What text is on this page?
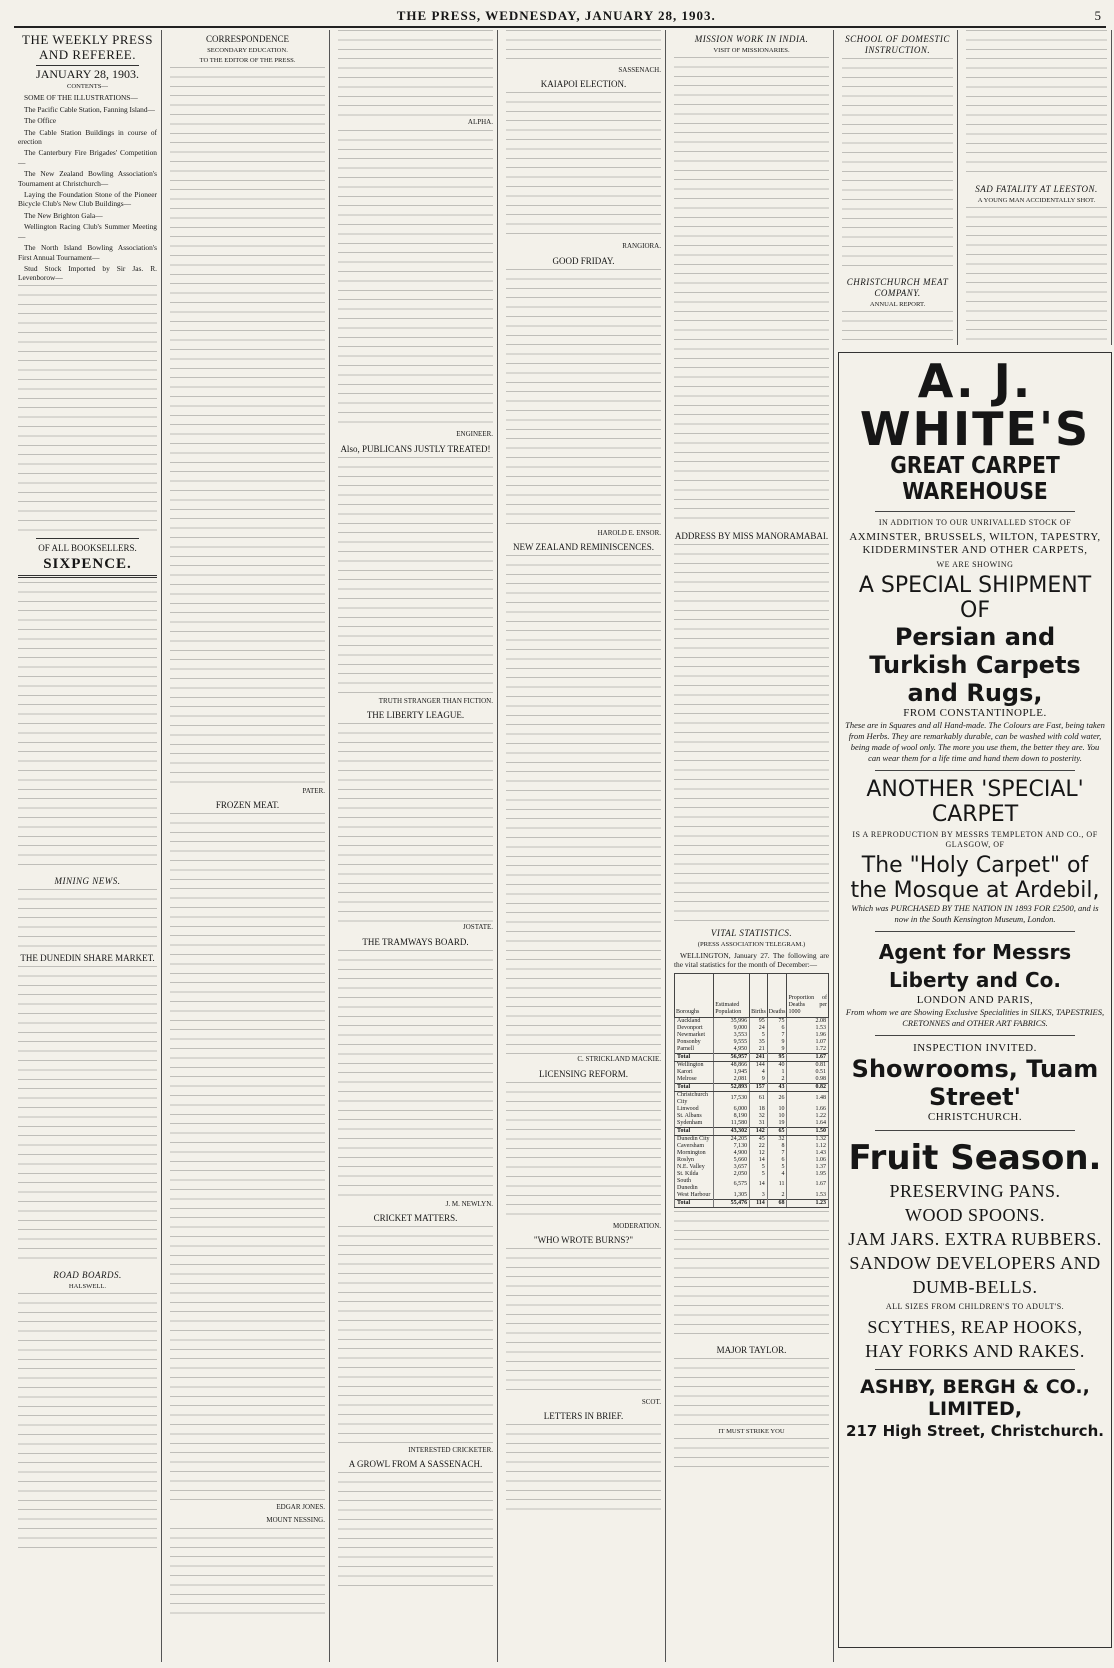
THE PRESS, WEDNESDAY, JANUARY 28, 1903.	5
THE WEEKLY PRESS AND REFEREE.
JANUARY 28, 1903.
CONTENTS—

SOME OF THE ILLUSTRATIONS—

The Pacific Cable Station, Fanning Island—

The Office

The Cable Station Buildings in course of erection

The Canterbury Fire Brigades' Competition—

The New Zealand Bowling Association's Tournament at Christchurch—

Laying the Foundation Stone of the Pioneer Bicycle Club's New Club Buildings—

The New Brighton Gala—

Wellington Racing Club's Summer Meeting—

The North Island Bowling Association's First Annual Tournament—

Stud Stock Imported by Sir Jas. R. Levenborow—

OF ALL BOOKSELLERS.
SIXPENCE.
MINING NEWS.
THE DUNEDIN SHARE MARKET.
ROAD BOARDS.
HALSWELL.
CORRESPONDENCE
SECONDARY EDUCATION.
TO THE EDITOR OF THE PRESS.
PATER.
FROZEN MEAT.
EDGAR JONES.
MOUNT NESSING.
ALPHA.
ENGINEER.
Also, PUBLICANS JUSTLY TREATED!
TRUTH STRANGER THAN FICTION.
THE LIBERTY LEAGUE.
JOSTATE.
THE TRAMWAYS BOARD.
J. M. NEWLYN.
CRICKET MATTERS.
INTERESTED CRICKETER.
A GROWL FROM A SASSENACH.
SASSENACH.
KAIAPOI ELECTION.
RANGIORA.
GOOD FRIDAY.
HAROLD E. ENSOR.
NEW ZEALAND REMINISCENCES.
C. STRICKLAND MACKIE.
LICENSING REFORM.
MODERATION.
"WHO WROTE BURNS?"
SCOT.
LETTERS IN BRIEF.
MISSION WORK IN INDIA.
VISIT OF MISSIONARIES.
ADDRESS BY MISS MANORAMABAI.
VITAL STATISTICS.
(PRESS ASSOCIATION TELEGRAM.)

WELLINGTON, January 27. The following are the vital statistics for the month of December:—

Boroughs	Estimated Population	Births	Deaths	Proportion of Deaths per 1000
Auckland	35,996	95	75	2.08
Devonport	9,000	24	6	1.53
Newmarket	3,553	5	7	1.96
Ponsonby	9,555	35	9	1.07
Parnell	4,950	21	9	1.72
Total	56,957	241	95	1.67
Wellington	48,866	144	40	0.81
Karori	1,945	4	1	0.51
Melrose	2,081	9	2	0.98
Total	52,893	157	43	0.82
Christchurch City	17,530	61	26	1.48
Linwood	6,000	18	10	1.66
St. Albans	8,190	32	10	1.22
Sydenham	11,580	31	19	1.64
Total	43,302	142	65	1.50
Dunedin City	24,205	45	32	1.32
Caversham	7,130	22	8	1.12
Mornington	4,900	12	7	1.43
Roslyn	5,660	14	6	1.06
N.E. Valley	3,657	5	5	1.37
St. Kilda	2,050	5	4	1.95
South Dunedin	6,575	14	11	1.67
West Harbour	1,305	3	2	1.53
Total	55,476	114	68	1.23
MAJOR TAYLOR.
IT MUST STRIKE YOU
SCHOOL OF DOMESTIC INSTRUCTION.
CHRISTCHURCH MEAT COMPANY.
ANNUAL REPORT.
SAD FATALITY AT LEESTON.
A YOUNG MAN ACCIDENTALLY SHOT.
A. J. WHITE'S
GREAT CARPET WAREHOUSE
IN ADDITION TO OUR UNRIVALLED STOCK OF
AXMINSTER, BRUSSELS, WILTON, TAPESTRY, KIDDERMINSTER AND OTHER CARPETS,
WE ARE SHOWING
A SPECIAL SHIPMENT OF
Persian and Turkish Carpets and Rugs,
FROM CONSTANTINOPLE.
These are in Squares and all Hand-made. The Colours are Fast, being taken from Herbs. They are remarkably durable, can be washed with cold water, being made of wool only. The more you use them, the better they are. You can wear them for a life time and hand them down to posterity.
ANOTHER 'SPECIAL' CARPET
IS A REPRODUCTION BY MESSRS TEMPLETON AND CO., OF GLASGOW, OF
The "Holy Carpet" of the Mosque at Ardebil,
Which was PURCHASED BY THE NATION IN 1893 FOR £2500, and is now in the South Kensington Museum, London.
Agent for Messrs Liberty and Co.
LONDON AND PARIS,
From whom we are Showing Exclusive Specialities in SILKS, TAPESTRIES, CRETONNES and OTHER ART FABRICS.
INSPECTION INVITED.
Showrooms, Tuam Street'
CHRISTCHURCH.
Fruit Season.
PRESERVING PANS.
WOOD SPOONS.
JAM JARS. EXTRA RUBBERS.
SANDOW DEVELOPERS AND DUMB-BELLS.
ALL SIZES FROM CHILDREN'S TO ADULT'S.
SCYTHES, REAP HOOKS,
HAY FORKS AND RAKES.
ASHBY, BERGH & CO., LIMITED,
217 High Street, Christchurch.
